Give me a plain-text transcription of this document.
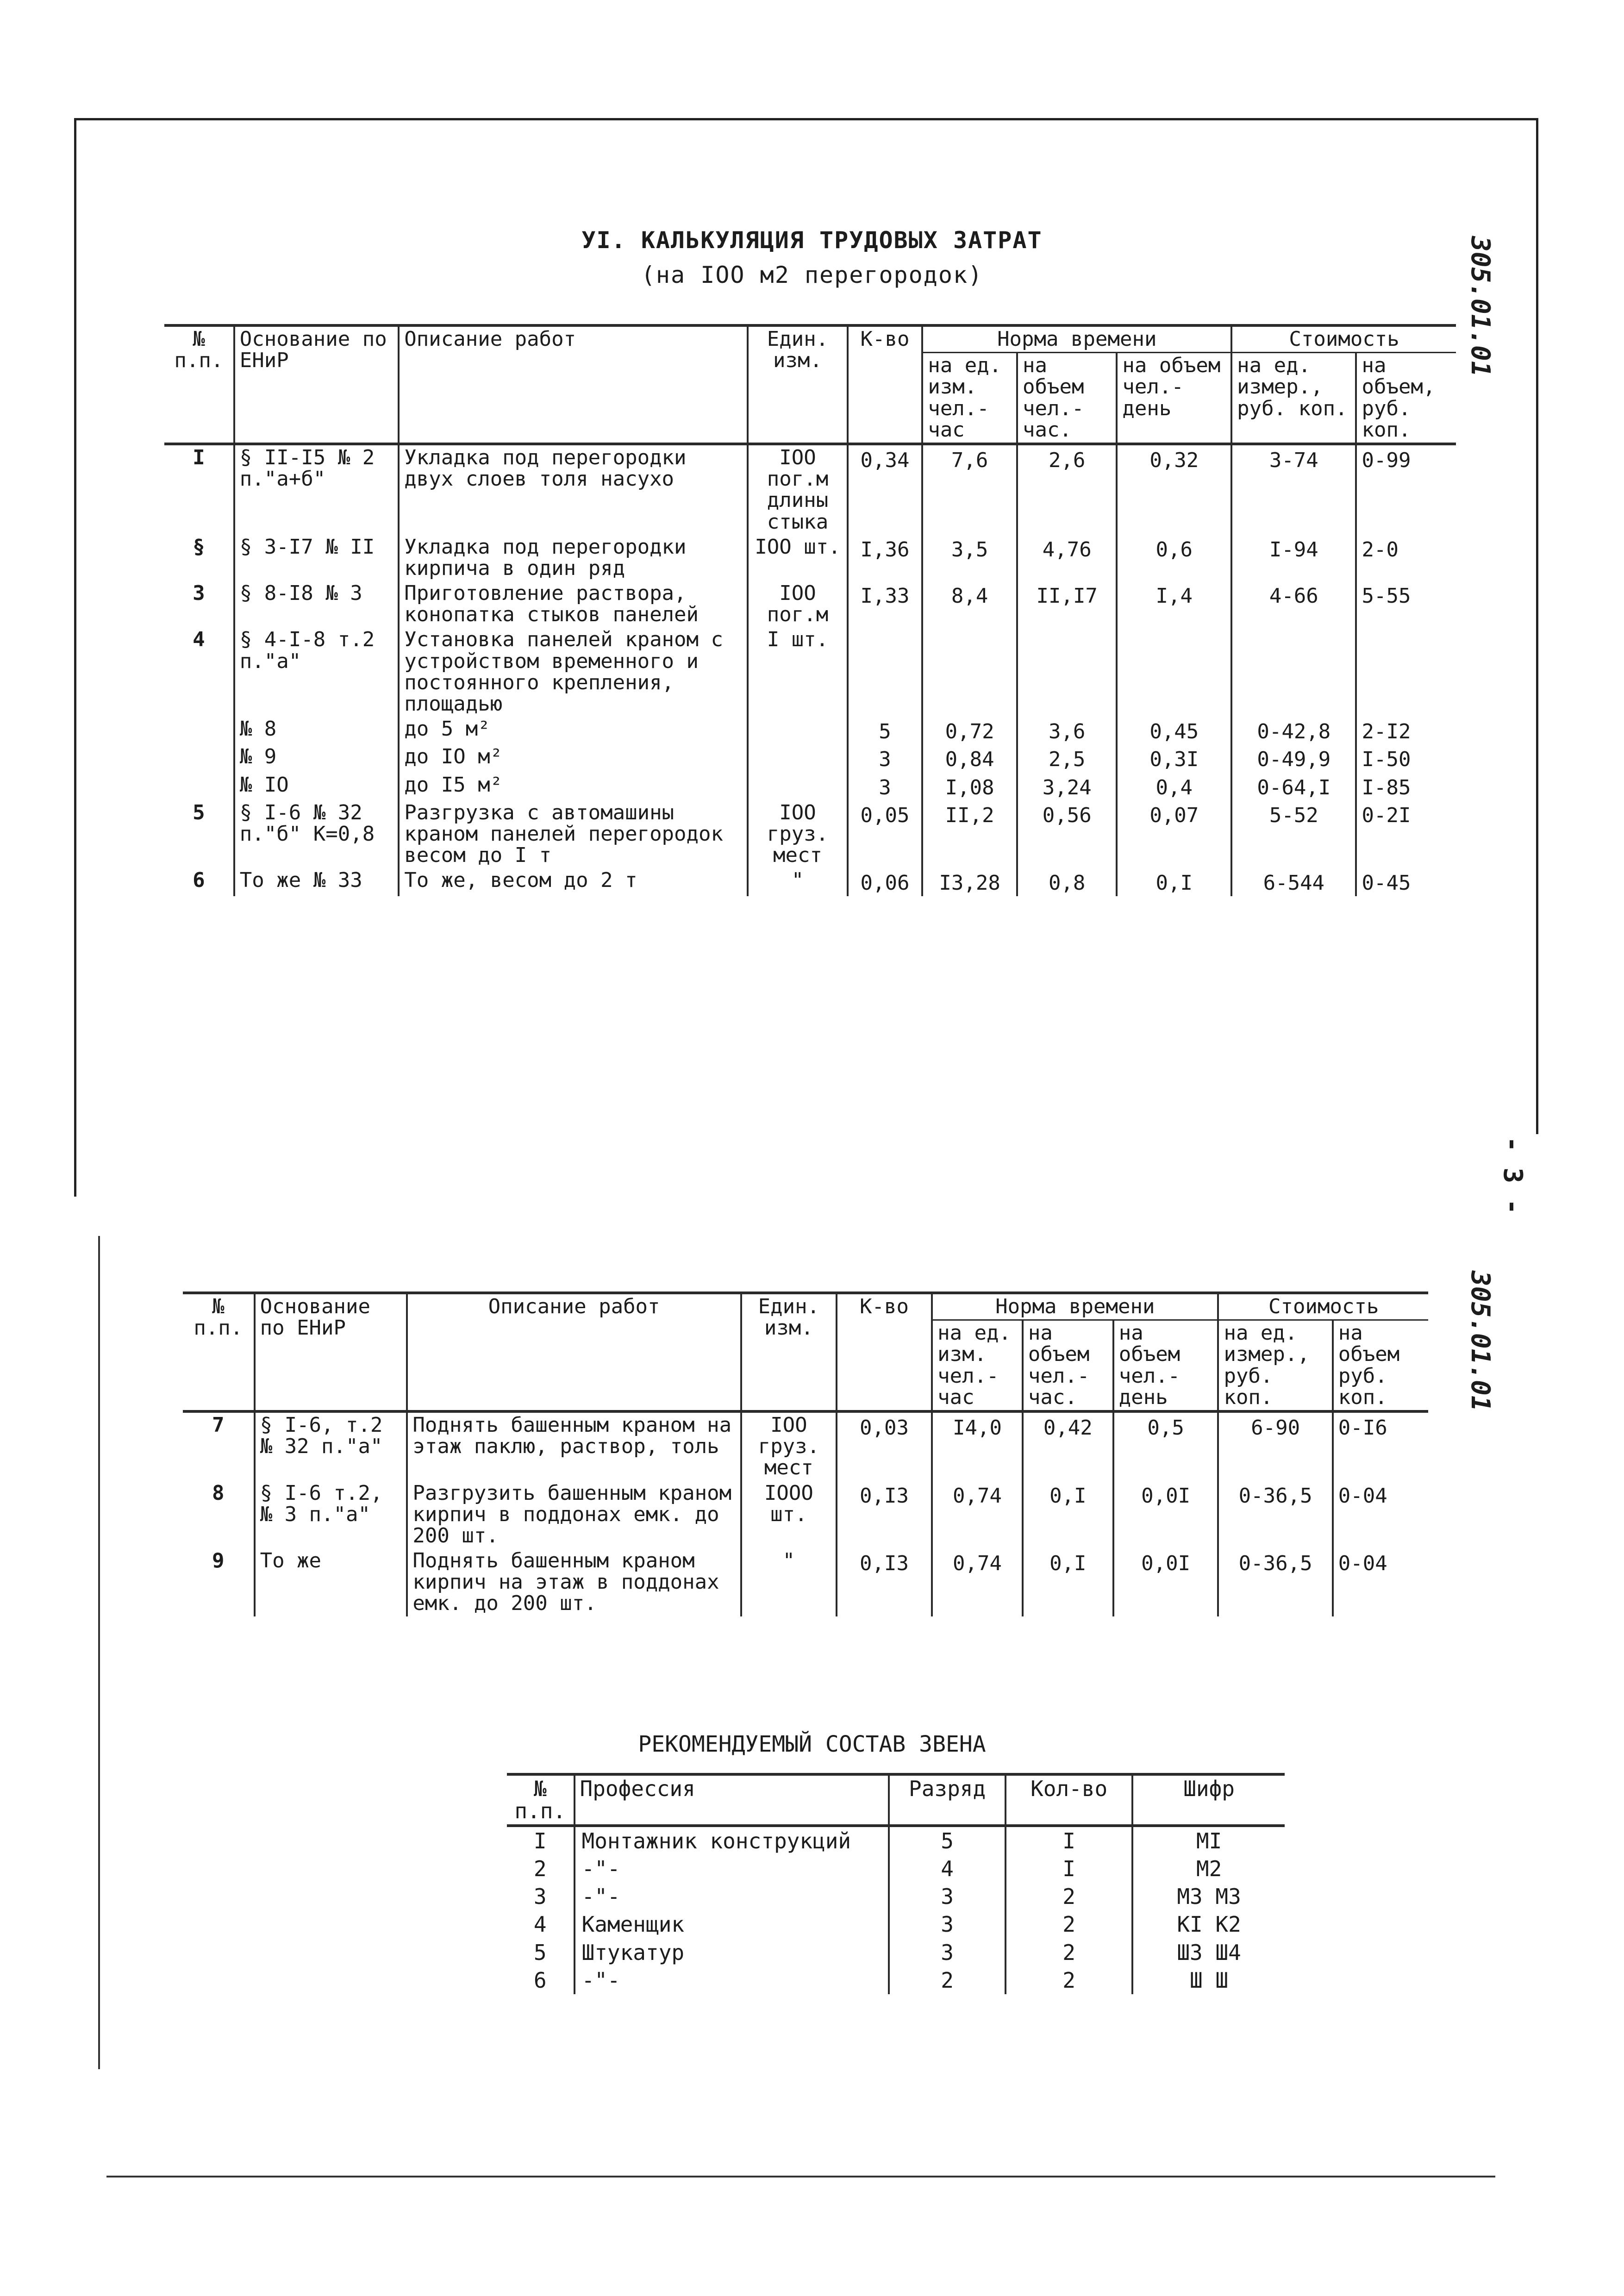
УI. КАЛЬКУЛЯЦИЯ ТРУДОВЫХ ЗАТРАТ
(на IOO м2 перегородок)	305.01.01
305.01.01
- 3 -
№ п.п.	Основание по ЕНиР	Описание работ	Един. изм.	К-во	Норма времени			Стоимость	
					на ед. изм. чел.-час	на объем чел.-час.	на объем чел.-день	на ед. измер., руб. коп.	на объем, руб. коп.
I	§ II-I5 № 2 п."а+б"	Укладка под перегородки двух слоев толя насухо	IOO пог.м длины стыка	0,34	7,6	2,6	0,32	3-74	0-99
§	§ 3-I7 № II	Укладка под перегородки кирпича в один ряд	IOO шт.	I,36	3,5	4,76	0,6	I-94	2-0
3	§ 8-I8 № 3	Приготовление раствора, конопатка стыков панелей	IOO пог.м	I,33	8,4	II,I7	I,4	4-66	5-55
4	§ 4-I-8 т.2 п."а"	Установка панелей краном с устройством временного и постоянного крепления, площадью	I шт.						
	№ 8	до 5 м²		5	0,72	3,6	0,45	0-42,8	2-I2
	№ 9	до IO м²		3	0,84	2,5	0,3I	0-49,9	I-50
	№ IO	до I5 м²		3	I,08	3,24	0,4	0-64,I	I-85
5	§ I-6 № 32 п."б" К=0,8	Разгрузка с автомашины краном панелей перегородок весом до I т	IOO груз. мест	0,05	II,2	0,56	0,07	5-52	0-2I
6	То же № 33	То же, весом до 2 т	"	0,06	I3,28	0,8	0,I	6-544	0-45
№ п.п.	Основание по ЕНиР	Описание работ	Един. изм.	К-во	Норма времени			Стоимость	
					на ед. изм. чел.-час	на объем чел.-час.	на объем чел.-день	на ед. измер., руб. коп.	на объем руб. коп.
7	§ I-6, т.2 № 32 п."а"	Поднять башенным краном на этаж паклю, раствор, толь	IOO груз. мест	0,03	I4,0	0,42	0,5	6-90	0-I6
8	§ I-6 т.2, № 3 п."а"	Разгрузить башенным краном кирпич в поддонах емк. до 200 шт.	IOOO шт.	0,I3	0,74	0,I	0,0I	0-36,5	0-04
9	То же	Поднять башенным краном кирпич на этаж в поддонах емк. до 200 шт.	"	0,I3	0,74	0,I	0,0I	0-36,5	0-04
РЕКОМЕНДУЕМЫЙ СОСТАВ ЗВЕНА
№ п.п.	Профессия	Разряд	Кол-во	Шифр
I	Монтажник конструкций	5	I	МI
2	-"-	4	I	М2
3	-"-	3	2	М3 М3
4	Каменщик	3	2	КI К2
5	Штукатур	3	2	Ш3 Ш4
6	-"-	2	2	Ш Ш
